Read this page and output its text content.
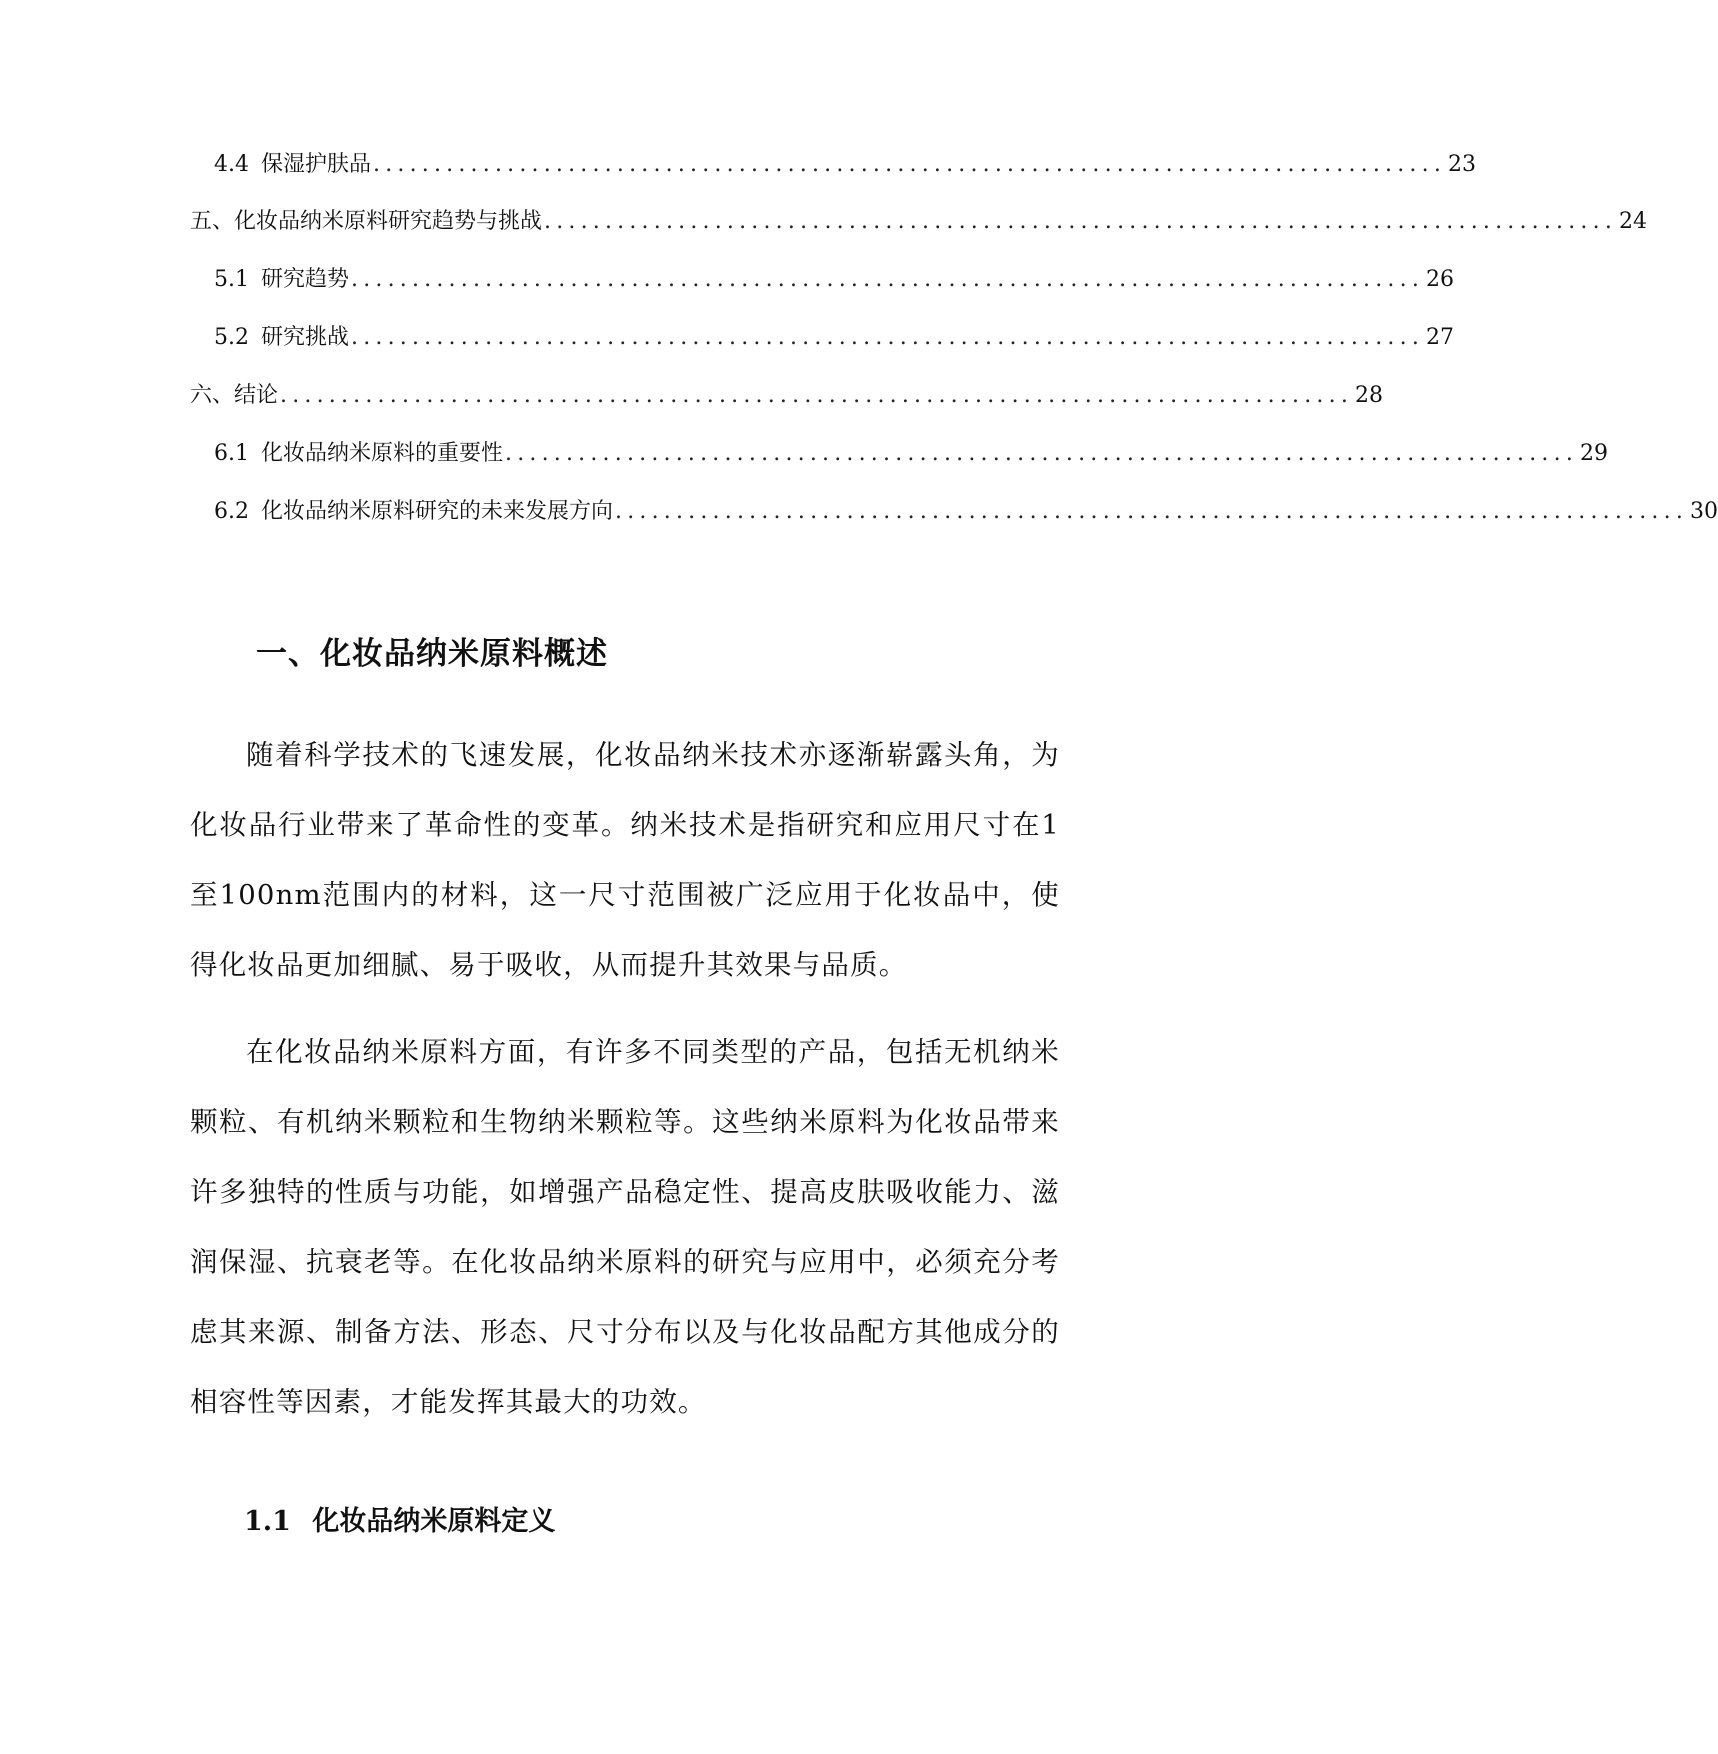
4.4 保湿护肤品 ........................................................................................ 23
五、化妆品纳米原料研究趋势与挑战 ........................................................................................ 24
5.1 研究趋势 ........................................................................................ 26
5.2 研究挑战 ........................................................................................ 27
六、结论 ........................................................................................ 28
6.1 化妆品纳米原料的重要性 ........................................................................................ 29
6.2 化妆品纳米原料研究的未来发展方向 ........................................................................................ 30
一、化妆品纳米原料概述

随着科学技术的飞速发展，化妆品纳米技术亦逐渐崭露头角，为化妆品行业带来了革命性的变革。纳米技术是指研究和应用尺寸在1至100nm范围内的材料，这一尺寸范围被广泛应用于化妆品中，使得化妆品更加细腻、易于吸收，从而提升其效果与品质。

在化妆品纳米原料方面，有许多不同类型的产品，包括无机纳米颗粒、有机纳米颗粒和生物纳米颗粒等。这些纳米原料为化妆品带来许多独特的性质与功能，如增强产品稳定性、提高皮肤吸收能力、滋润保湿、抗衰老等。在化妆品纳米原料的研究与应用中，必须充分考虑其来源、制备方法、形态、尺寸分布以及与化妆品配方其他成分的相容性等因素，才能发挥其最大的功效。

1.1 化妆品纳米原料定义
